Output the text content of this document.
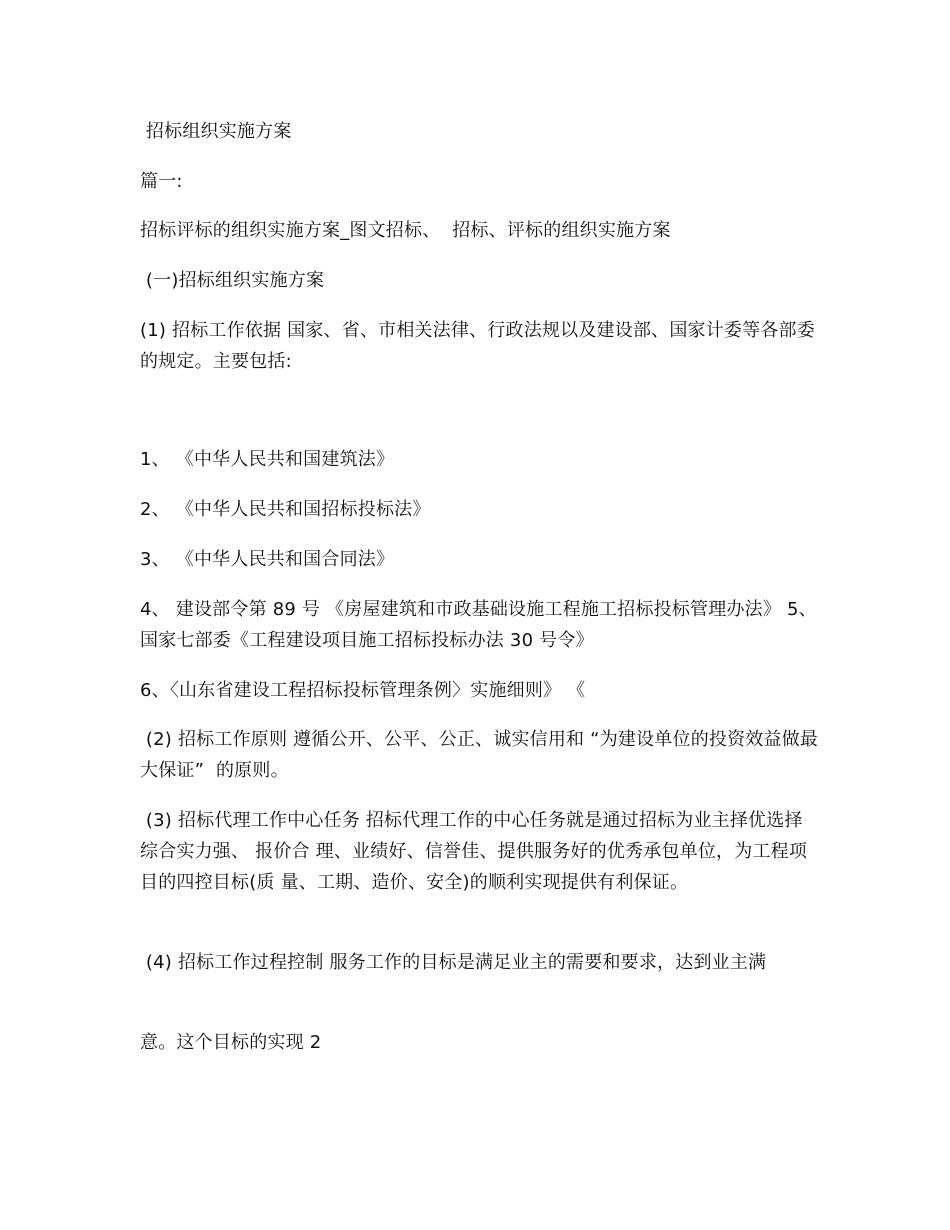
招标组织实施方案

篇一:

招标评标的组织实施方案_图文招标、  招标、评标的组织实施方案

(一)招标组织实施方案

(1) 招标工作依据 国家、省、市相关法律、行政法规以及建设部、国家计委等各部委的规定。主要包括:

1、 《中华人民共和国建筑法》

2、 《中华人民共和国招标投标法》

3、 《中华人民共和国合同法》

4、 建设部令第 89 号 《房屋建筑和市政基础设施工程施工招标投标管理办法》 5、国家七部委《工程建设项目施工招标投标办法 30 号令》

6、〈山东省建设工程招标投标管理条例〉实施细则》 《

(2) 招标工作原则 遵循公开、公平、公正、诚实信用和 “为建设单位的投资效益做最大保证”  的原则。

(3) 招标代理工作中心任务 招标代理工作的中心任务就是通过招标为业主择优选择综合实力强、 报价合 理、业绩好、信誉佳、提供服务好的优秀承包单位，为工程项目的四控目标(质 量、工期、造价、安全)的顺利实现提供有利保证。

(4) 招标工作过程控制 服务工作的目标是满足业主的需要和要求，达到业主满

意。这个目标的实现 2
